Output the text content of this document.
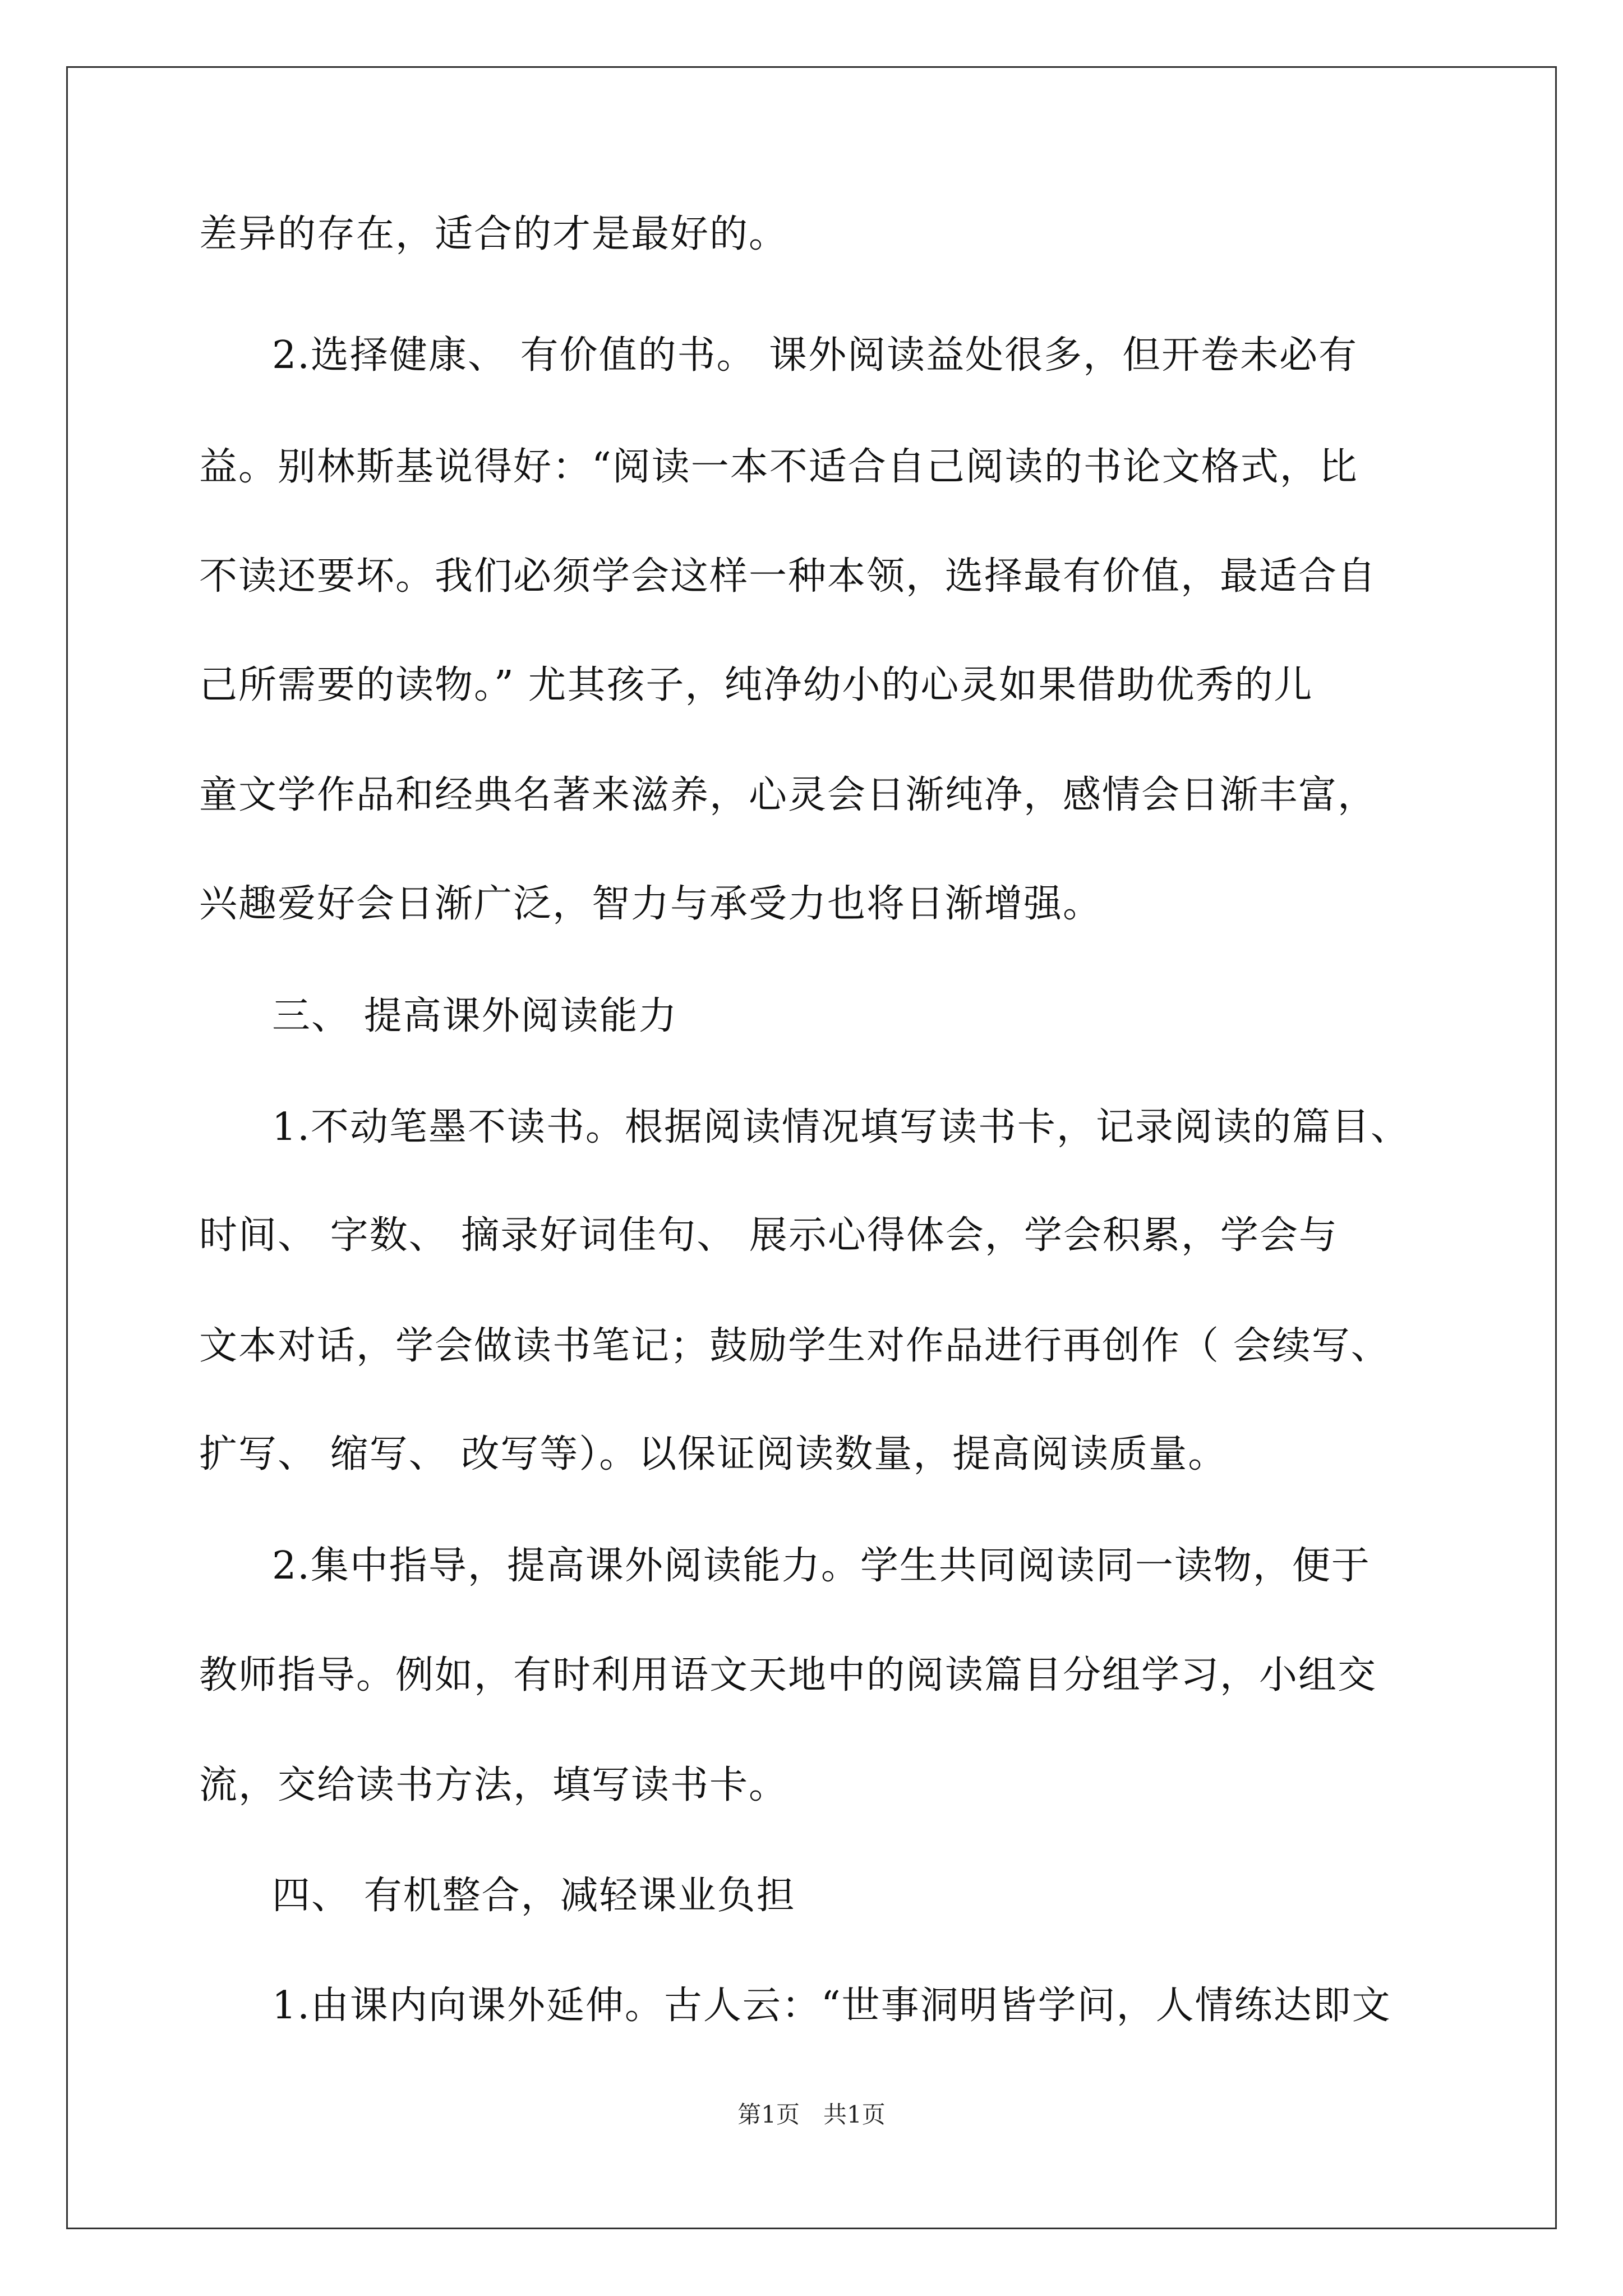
差异的存在，适合的才是最好的。
2.选择健康、 有价值的书。 课外阅读益处很多，但开卷未必有
益。别林斯基说得好：“阅读一本不适合自己阅读的书论文格式，比
不读还要坏。我们必须学会这样一种本领，选择最有价值，最适合自
己所需要的读物。” 尤其孩子，纯净幼小的心灵如果借助优秀的儿
童文学作品和经典名著来滋养，心灵会日渐纯净，感情会日渐丰富，
兴趣爱好会日渐广泛，智力与承受力也将日渐增强。
三、 提高课外阅读能力
1.不动笔墨不读书。根据阅读情况填写读书卡，记录阅读的篇目、
时间、 字数、 摘录好词佳句、 展示心得体会，学会积累，学会与
文本对话，学会做读书笔记；鼓励学生对作品进行再创作（ 会续写、
扩写、 缩写、 改写等）。以保证阅读数量，提高阅读质量。
2.集中指导，提高课外阅读能力。学生共同阅读同一读物，便于
教师指导。例如，有时利用语文天地中的阅读篇目分组学习，小组交
流，交给读书方法，填写读书卡。
四、 有机整合，减轻课业负担
1.由课内向课外延伸。古人云：“世事洞明皆学问，人情练达即文
第1页　共1页
